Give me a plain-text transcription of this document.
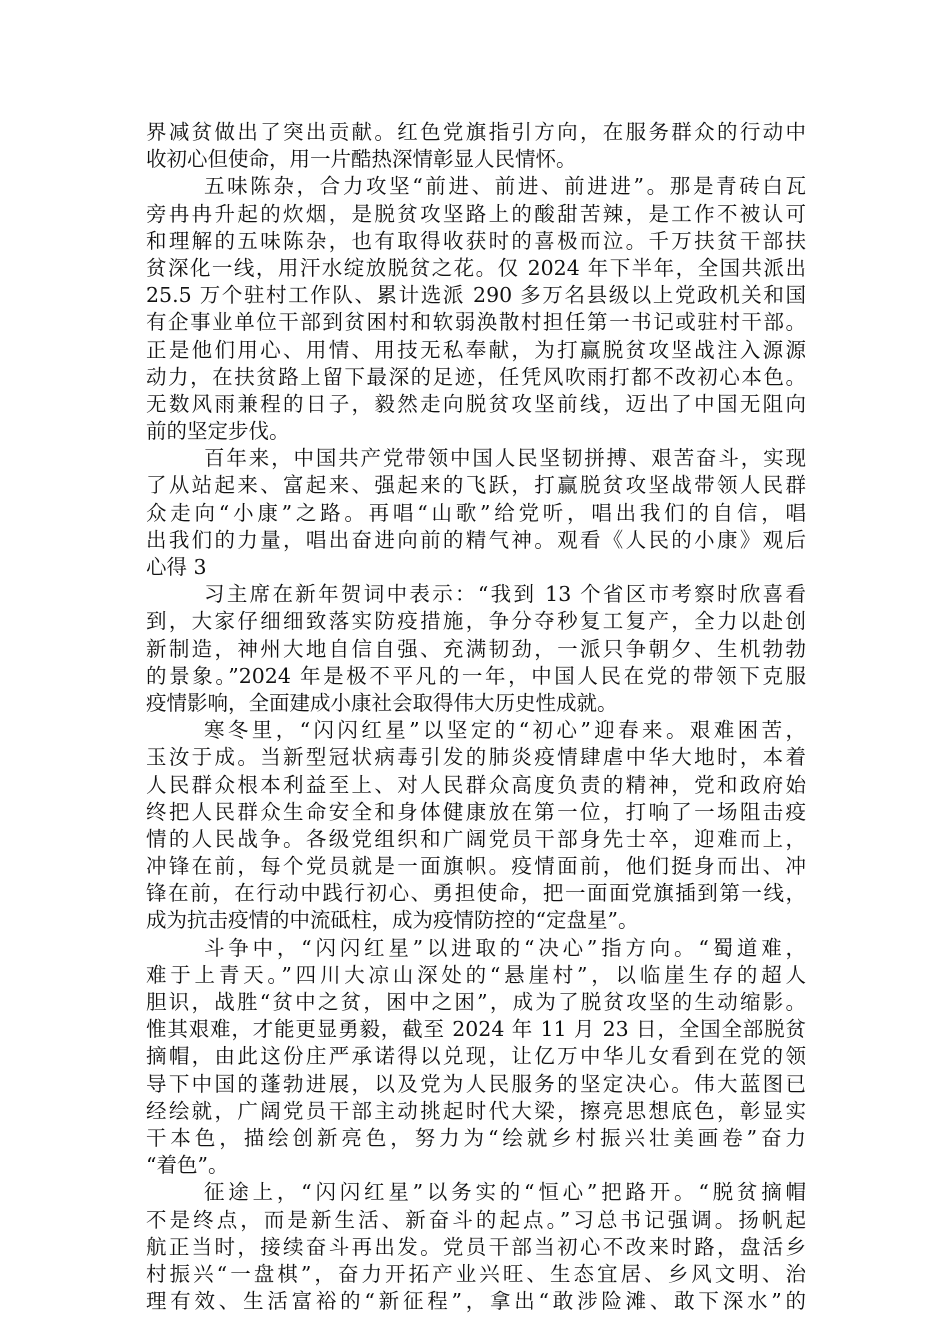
界减贫做出了突出贡献。红色党旗指引方向，在服务群众的行动中
收初心但使命，用一片酷热深情彰显人民情怀。
五味陈杂，合力攻坚“前进、前进、前进进”。那是青砖白瓦
旁冉冉升起的炊烟，是脱贫攻坚路上的酸甜苦辣，是工作不被认可
和理解的五味陈杂，也有取得收获时的喜极而泣。千万扶贫干部扶
贫深化一线，用汗水绽放脱贫之花。仅 2024 年下半年，全国共派出
25.5 万个驻村工作队、累计选派 290 多万名县级以上党政机关和国
有企事业单位干部到贫困村和软弱涣散村担任第一书记或驻村干部。
正是他们用心、用情、用技无私奉献，为打赢脱贫攻坚战注入源源
动力，在扶贫路上留下最深的足迹，任凭风吹雨打都不改初心本色。
无数风雨兼程的日子，毅然走向脱贫攻坚前线，迈出了中国无阻向
前的坚定步伐。
百年来，中国共产党带领中国人民坚韧拼搏、艰苦奋斗，实现
了从站起来、富起来、强起来的飞跃，打赢脱贫攻坚战带领人民群
众走向“小康”之路。再唱“山歌”给党听，唱出我们的自信，唱
出我们的力量，唱出奋进向前的精气神。观看《人民的小康》观后
心得 3
习主席在新年贺词中表示：“我到 13 个省区市考察时欣喜看
到，大家仔细细致落实防疫措施，争分夺秒复工复产，全力以赴创
新制造，神州大地自信自强、充满韧劲，一派只争朝夕、生机勃勃
的景象。”2024 年是极不平凡的一年，中国人民在党的带领下克服
疫情影响，全面建成小康社会取得伟大历史性成就。
寒冬里，“闪闪红星”以坚定的“初心”迎春来。艰难困苦，
玉汝于成。当新型冠状病毒引发的肺炎疫情肆虐中华大地时，本着
人民群众根本利益至上、对人民群众高度负责的精神，党和政府始
终把人民群众生命安全和身体健康放在第一位，打响了一场阻击疫
情的人民战争。各级党组织和广阔党员干部身先士卒，迎难而上，
冲锋在前，每个党员就是一面旗帜。疫情面前，他们挺身而出、冲
锋在前，在行动中践行初心、勇担使命，把一面面党旗插到第一线，
成为抗击疫情的中流砥柱，成为疫情防控的“定盘星”。
斗争中，“闪闪红星”以进取的“决心”指方向。“蜀道难，
难于上青天。”四川大凉山深处的“悬崖村”，以临崖生存的超人
胆识，战胜“贫中之贫，困中之困”，成为了脱贫攻坚的生动缩影。
惟其艰难，才能更显勇毅，截至 2024 年 11 月 23 日，全国全部脱贫
摘帽，由此这份庄严承诺得以兑现，让亿万中华儿女看到在党的领
导下中国的蓬勃进展，以及党为人民服务的坚定决心。伟大蓝图已
经绘就，广阔党员干部主动挑起时代大梁，擦亮思想底色，彰显实
干本色，描绘创新亮色，努力为“绘就乡村振兴壮美画卷”奋力
“着色”。
征途上，“闪闪红星”以务实的“恒心”把路开。“脱贫摘帽
不是终点，而是新生活、新奋斗的起点。”习总书记强调。扬帆起
航正当时，接续奋斗再出发。党员干部当初心不改来时路，盘活乡
村振兴“一盘棋”，奋力开拓产业兴旺、生态宜居、乡风文明、治
理有效、生活富裕的“新征程”，拿出“敢涉险滩、敢下深水”的
